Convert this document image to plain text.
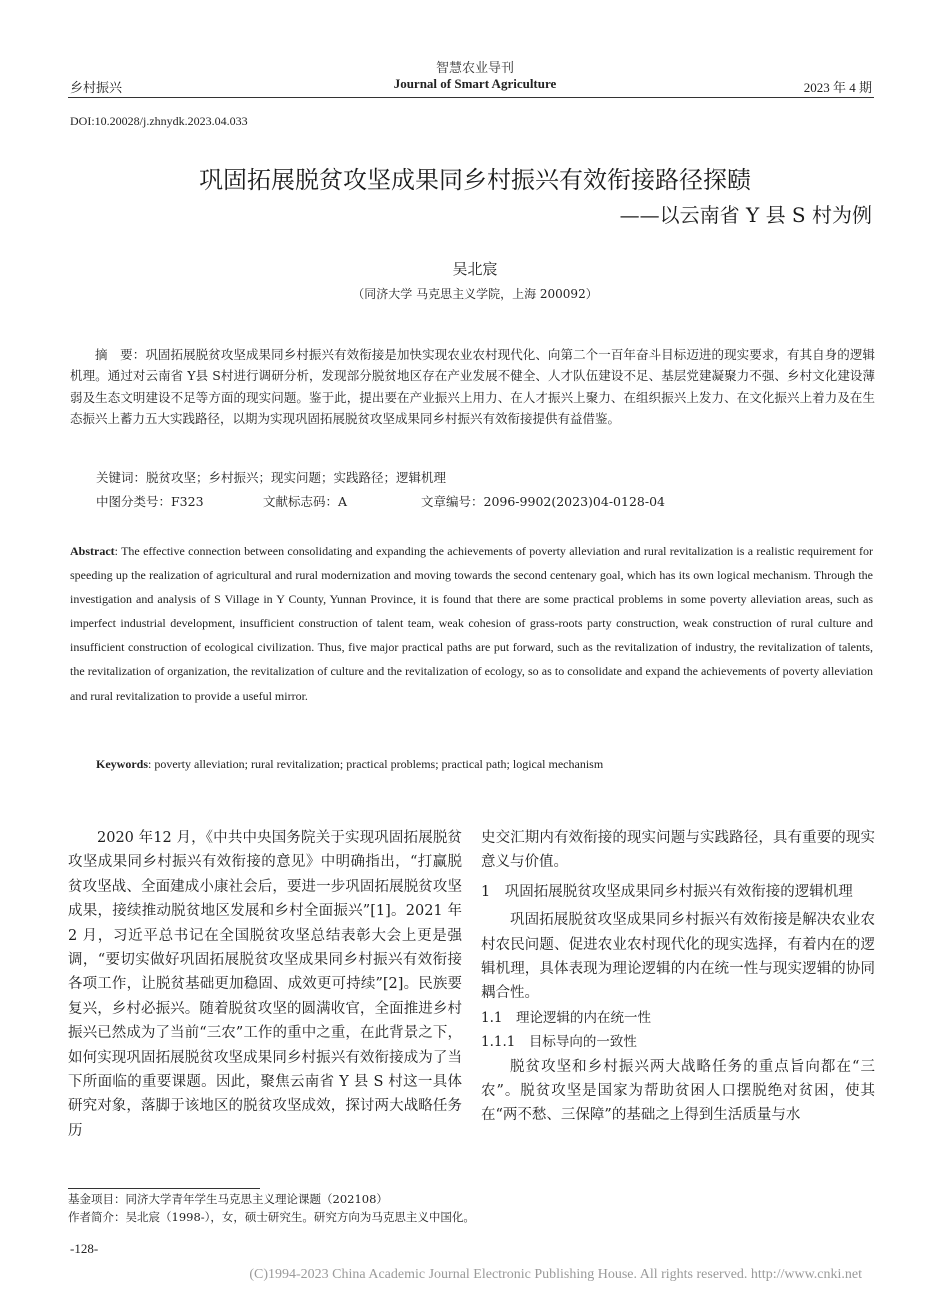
智慧农业导刊
乡村振兴	Journal of Smart Agriculture	2023 年 4 期
DOI:10.20028/j.zhnydk.2023.04.033
巩固拓展脱贫攻坚成果同乡村振兴有效衔接路径探赜
——以云南省 Y 县 S 村为例
吴北宸
（同济大学 马克思主义学院，上海 200092）
摘　要：巩固拓展脱贫攻坚成果同乡村振兴有效衔接是加快实现农业农村现代化、向第二个一百年奋斗目标迈进的现实要求，有其自身的逻辑机理。通过对云南省 Y县 S村进行调研分析，发现部分脱贫地区存在产业发展不健全、人才队伍建设不足、基层党建凝聚力不强、乡村文化建设薄弱及生态文明建设不足等方面的现实问题。鉴于此，提出要在产业振兴上用力、在人才振兴上聚力、在组织振兴上发力、在文化振兴上着力及在生态振兴上蓄力五大实践路径，以期为实现巩固拓展脱贫攻坚成果同乡村振兴有效衔接提供有益借鉴。
关键词：脱贫攻坚；乡村振兴；现实问题；实践路径；逻辑机理
中图分类号：F323	文献标志码：A	文章编号：2096-9902(2023)04-0128-04
Abstract: The effective connection between consolidating and expanding the achievements of poverty alleviation and rural revitalization is a realistic requirement for speeding up the realization of agricultural and rural modernization and moving towards the second centenary goal, which has its own logical mechanism. Through the investigation and analysis of S Village in Y County, Yunnan Province, it is found that there are some practical problems in some poverty alleviation areas, such as imperfect industrial development, insufficient construction of talent team, weak cohesion of grass-roots party construction, weak construction of rural culture and insufficient construction of ecological civilization. Thus, five major practical paths are put forward, such as the revitalization of industry, the revitalization of talents, the revitalization of organization, the revitalization of culture and the revitalization of ecology, so as to consolidate and expand the achievements of poverty alleviation and rural revitalization to provide a useful mirror.
Keywords: poverty alleviation; rural revitalization; practical problems; practical path; logical mechanism

2020 年12 月，《中共中央国务院关于实现巩固拓展脱贫攻坚成果同乡村振兴有效衔接的意见》中明确指出，“打赢脱贫攻坚战、全面建成小康社会后，要进一步巩固拓展脱贫攻坚成果，接续推动脱贫地区发展和乡村全面振兴”[1]。2021 年 2 月，习近平总书记在全国脱贫攻坚总结表彰大会上更是强调，“要切实做好巩固拓展脱贫攻坚成果同乡村振兴有效衔接各项工作，让脱贫基础更加稳固、成效更可持续”[2]。民族要复兴，乡村必振兴。随着脱贫攻坚的圆满收官，全面推进乡村振兴已然成为了当前“三农”工作的重中之重，在此背景之下，如何实现巩固拓展脱贫攻坚成果同乡村振兴有效衔接成为了当下所面临的重要课题。因此，聚焦云南省 Y 县 S 村这一具体研究对象，落脚于该地区的脱贫攻坚成效，探讨两大战略任务历

史交汇期内有效衔接的现实问题与实践路径，具有重要的现实意义与价值。

1　巩固拓展脱贫攻坚成果同乡村振兴有效衔接的逻辑机理

巩固拓展脱贫攻坚成果同乡村振兴有效衔接是解决农业农村农民问题、促进农业农村现代化的现实选择，有着内在的逻辑机理，具体表现为理论逻辑的内在统一性与现实逻辑的协同耦合性。

1.1　理论逻辑的内在统一性

1.1.1　目标导向的一致性

脱贫攻坚和乡村振兴两大战略任务的重点旨向都在“三农”。脱贫攻坚是国家为帮助贫困人口摆脱绝对贫困，使其在“两不愁、三保障”的基础之上得到生活质量与水

基金项目：同济大学青年学生马克思主义理论课题（202108）
作者简介：吴北宸（1998-），女，硕士研究生。研究方向为马克思主义中国化。
-128-
(C)1994-2023 China Academic Journal Electronic Publishing House. All rights reserved. http://www.cnki.net
